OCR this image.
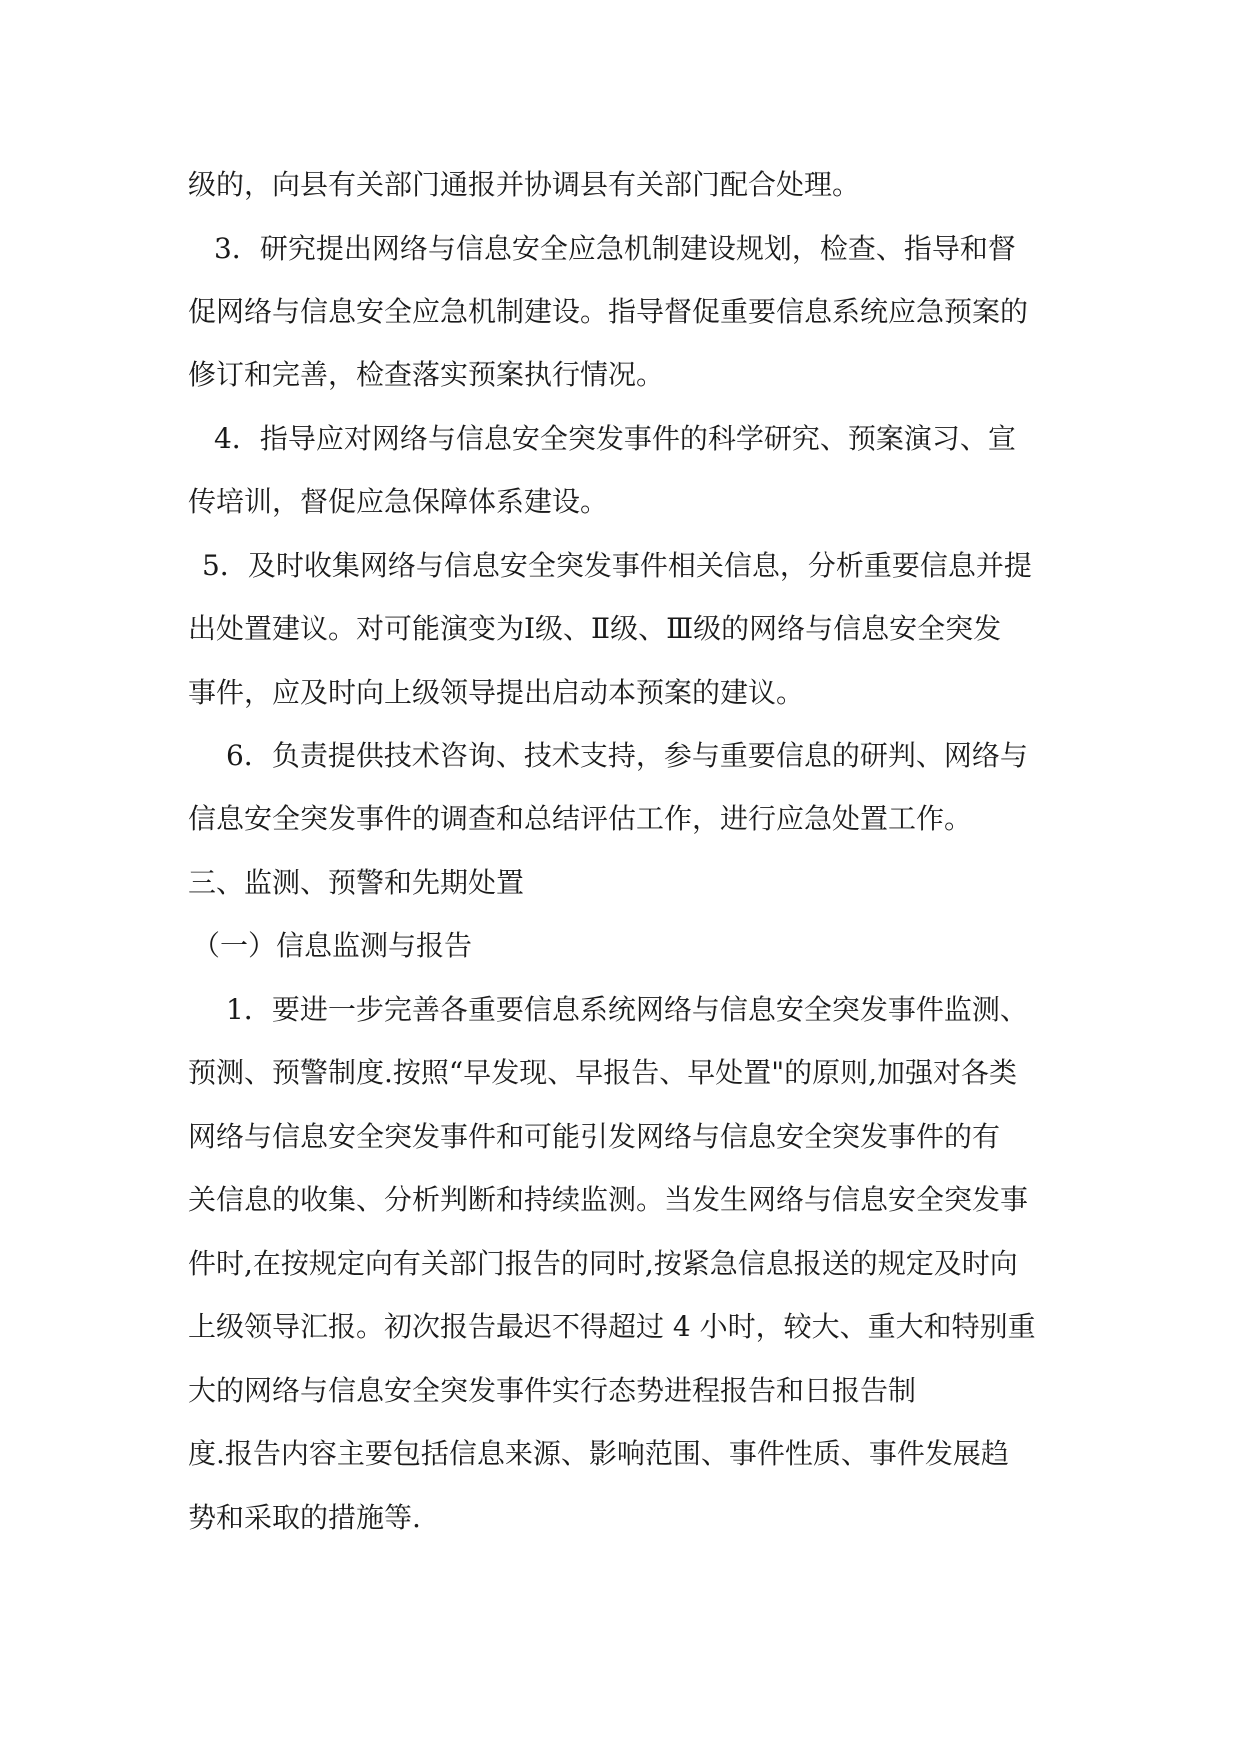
级的，向县有关部门通报并协调县有关部门配合处理。
3．研究提出网络与信息安全应急机制建设规划，检查、指导和督
促网络与信息安全应急机制建设。指导督促重要信息系统应急预案的
修订和完善，检查落实预案执行情况。
4．指导应对网络与信息安全突发事件的科学研究、预案演习、宣
传培训，督促应急保障体系建设。
5．及时收集网络与信息安全突发事件相关信息，分析重要信息并提
出处置建议。对可能演变为Ⅰ级、Ⅱ级、Ⅲ级的网络与信息安全突发
事件，应及时向上级领导提出启动本预案的建议。
6．负责提供技术咨询、技术支持，参与重要信息的研判、网络与
信息安全突发事件的调查和总结评估工作，进行应急处置工作。
三、监测、预警和先期处置
（一）信息监测与报告
1．要进一步完善各重要信息系统网络与信息安全突发事件监测、
预测、预警制度.按照“早发现、早报告、早处置"的原则,加强对各类
网络与信息安全突发事件和可能引发网络与信息安全突发事件的有
关信息的收集、分析判断和持续监测。当发生网络与信息安全突发事
件时,在按规定向有关部门报告的同时,按紧急信息报送的规定及时向
上级领导汇报。初次报告最迟不得超过 4 小时，较大、重大和特别重
大的网络与信息安全突发事件实行态势进程报告和日报告制
度.报告内容主要包括信息来源、影响范围、事件性质、事件发展趋
势和采取的措施等.
